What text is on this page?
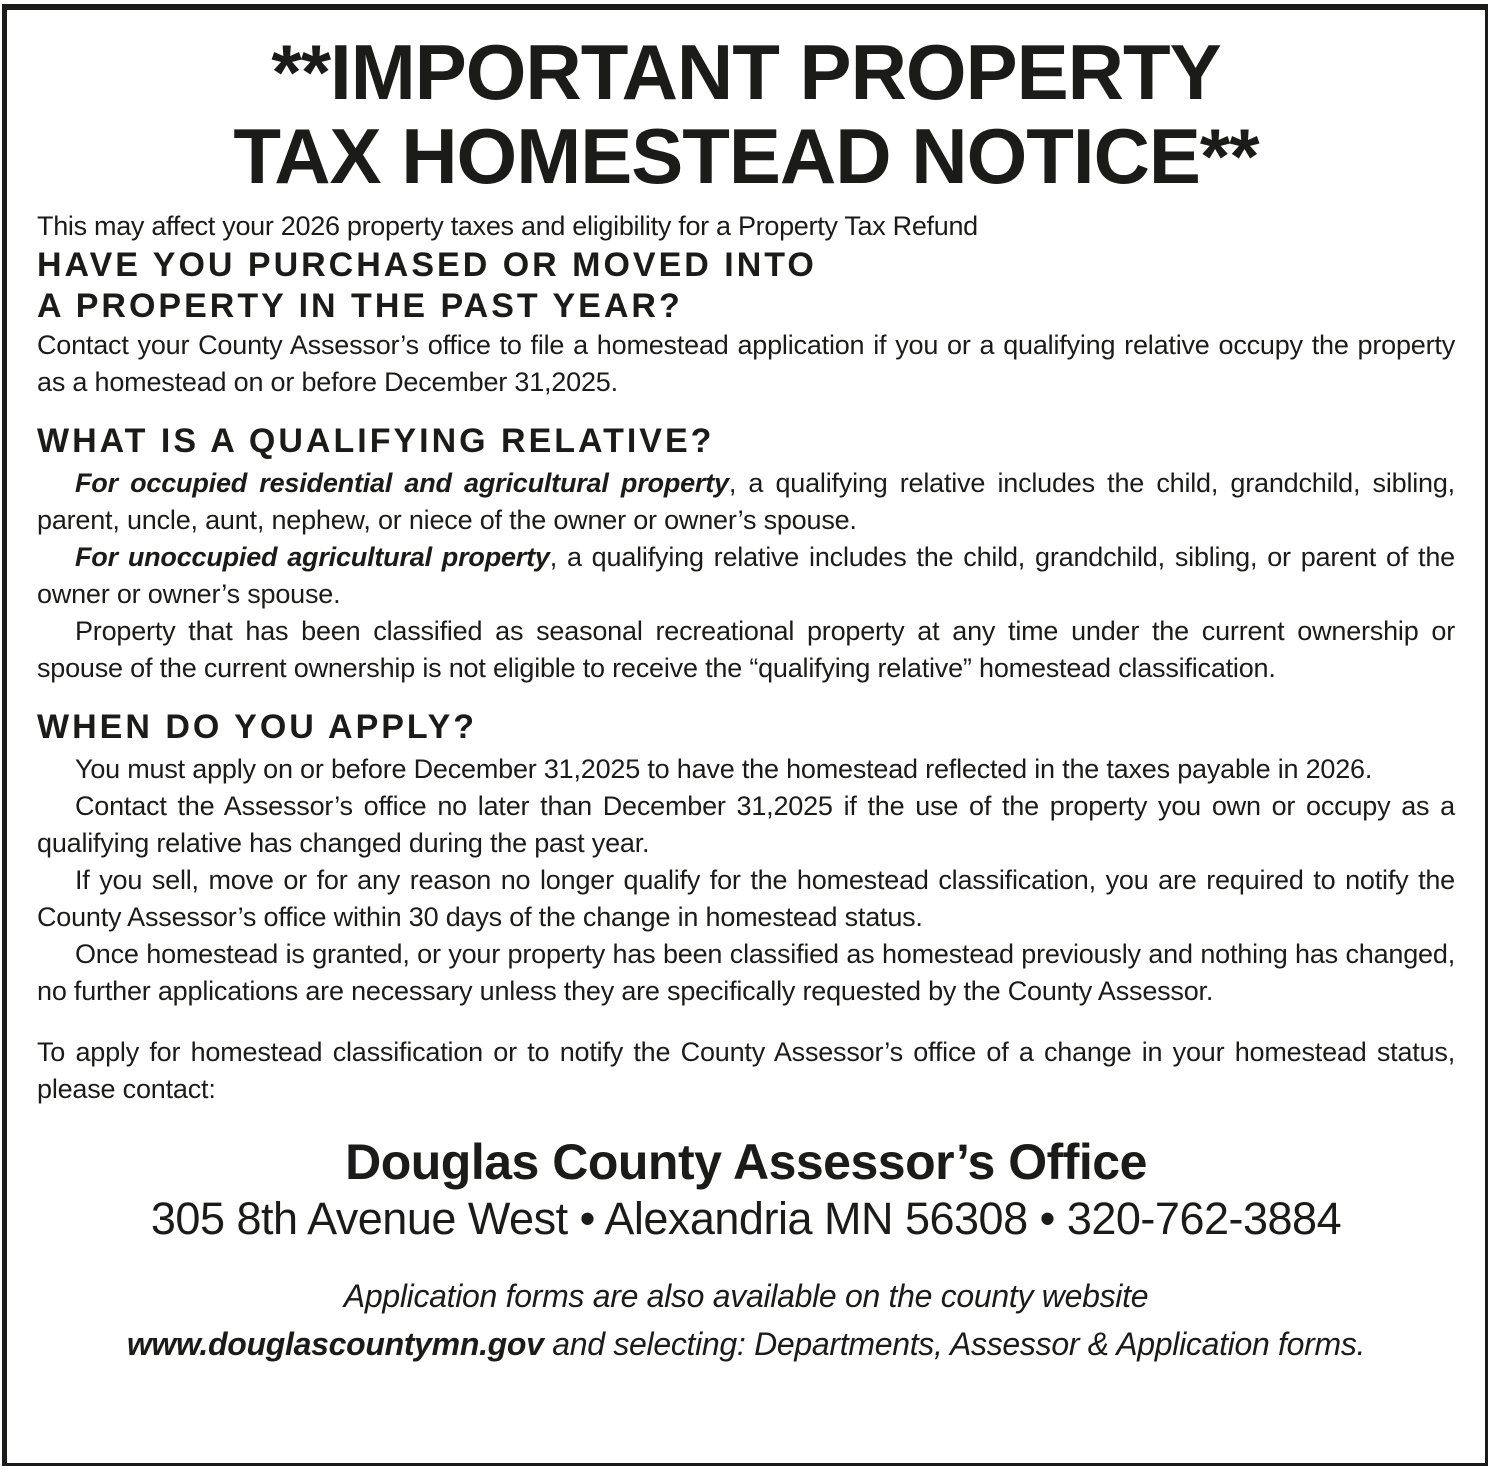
**IMPORTANT PROPERTY
TAX HOMESTEAD NOTICE**

This may affect your 2026 property taxes and eligibility for a Property Tax Refund

HAVE YOU PURCHASED OR MOVED INTO
A PROPERTY IN THE PAST YEAR?

Contact your County Assessor’s office to file a homestead application if you or a qualifying relative occupy the property as a homestead on or before December 31,2025.

WHAT IS A QUALIFYING RELATIVE?

For occupied residential and agricultural property, a qualifying relative includes the child, grandchild, sibling, parent, uncle, aunt, nephew, or niece of the owner or owner’s spouse.

For unoccupied agricultural property, a qualifying relative includes the child, grandchild, sibling, or parent of the owner or owner’s spouse.

Property that has been classified as seasonal recreational property at any time under the current ownership or spouse of the current ownership is not eligible to receive the “qualifying relative” homestead classification.

WHEN DO YOU APPLY?

You must apply on or before December 31,2025 to have the homestead reflected in the taxes payable in 2026.

Contact the Assessor’s office no later than December 31,2025 if the use of the property you own or occupy as a qualifying relative has changed during the past year.

If you sell, move or for any reason no longer qualify for the homestead classification, you are required to notify the County Assessor’s office within 30 days of the change in homestead status.

Once homestead is granted, or your property has been classified as homestead previously and nothing has changed, no further applications are necessary unless they are specifically requested by the County Assessor.

To apply for homestead classification or to notify the County Assessor’s office of a change in your homestead status, please contact:

Douglas County Assessor’s Office

305 8th Avenue West • Alexandria MN 56308 • 320-762-3884

Application forms are also available on the county website
www.douglascountymn.gov and selecting: Departments, Assessor & Application forms.
